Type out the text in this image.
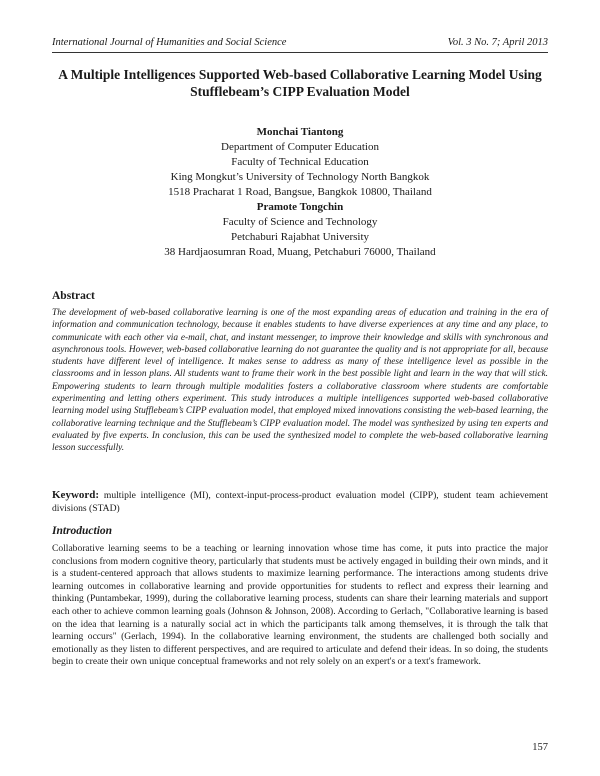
International Journal of Humanities and Social Science	Vol. 3 No. 7; April 2013
A Multiple Intelligences Supported Web-based Collaborative Learning Model Using
Stufflebeam’s CIPP Evaluation Model
Monchai Tiantong
Department of Computer Education
Faculty of Technical Education
King Mongkut’s University of Technology North Bangkok
1518 Pracharat 1 Road, Bangsue, Bangkok 10800, Thailand
Pramote Tongchin
Faculty of Science and Technology
Petchaburi Rajabhat University
38 Hardjaosumran Road, Muang, Petchaburi 76000, Thailand
Abstract
The development of web-based collaborative learning is one of the most expanding areas of education and training in the era of information and communication technology, because it enables students to have diverse experiences at any time and any place, to communicate with each other via e-mail, chat, and instant messenger, to improve their knowledge and skills with synchronous and asynchronous tools. However, web-based collaborative learning do not guarantee the quality and is not appropriate for all, because students have different level of intelligence. It makes sense to address as many of these intelligence level as possible in the classrooms and in lesson plans. All students want to frame their work in the best possible light and learn in the way that will stick. Empowering students to learn through multiple modalities fosters a collaborative classroom where students are comfortable experimenting and letting others experiment. This study introduces a multiple intelligences supported web-based collaborative learning model using Stufflebeam’s CIPP evaluation model, that employed mixed innovations consisting the web-based learning, the collaborative learning technique and the Stufflebeam’s CIPP evaluation model. The model was synthesized by using ten experts and evaluated by five experts. In conclusion, this can be used the synthesized model to complete the web-based collaborative learning lesson successfully.
Keyword: multiple intelligence (MI), context-input-process-product evaluation model (CIPP), student team achievement divisions (STAD)
Introduction
Collaborative learning seems to be a teaching or learning innovation whose time has come, it puts into practice the major conclusions from modern cognitive theory, particularly that students must be actively engaged in building their own minds, and it is a student-centered approach that allows students to maximize learning performance. The interactions among students drive learning outcomes in collaborative learning and provide opportunities for students to reflect and express their learning and thinking (Puntambekar, 1999), during the collaborative learning process, students can share their learning materials and support each other to achieve common learning goals (Johnson & Johnson, 2008). According to Gerlach, "Collaborative learning is based on the idea that learning is a naturally social act in which the participants talk among themselves, it is through the talk that learning occurs" (Gerlach, 1994). In the collaborative learning environment, the students are challenged both socially and emotionally as they listen to different perspectives, and are required to articulate and defend their ideas. In so doing, the students begin to create their own unique conceptual frameworks and not rely solely on an expert's or a text's framework.
157
